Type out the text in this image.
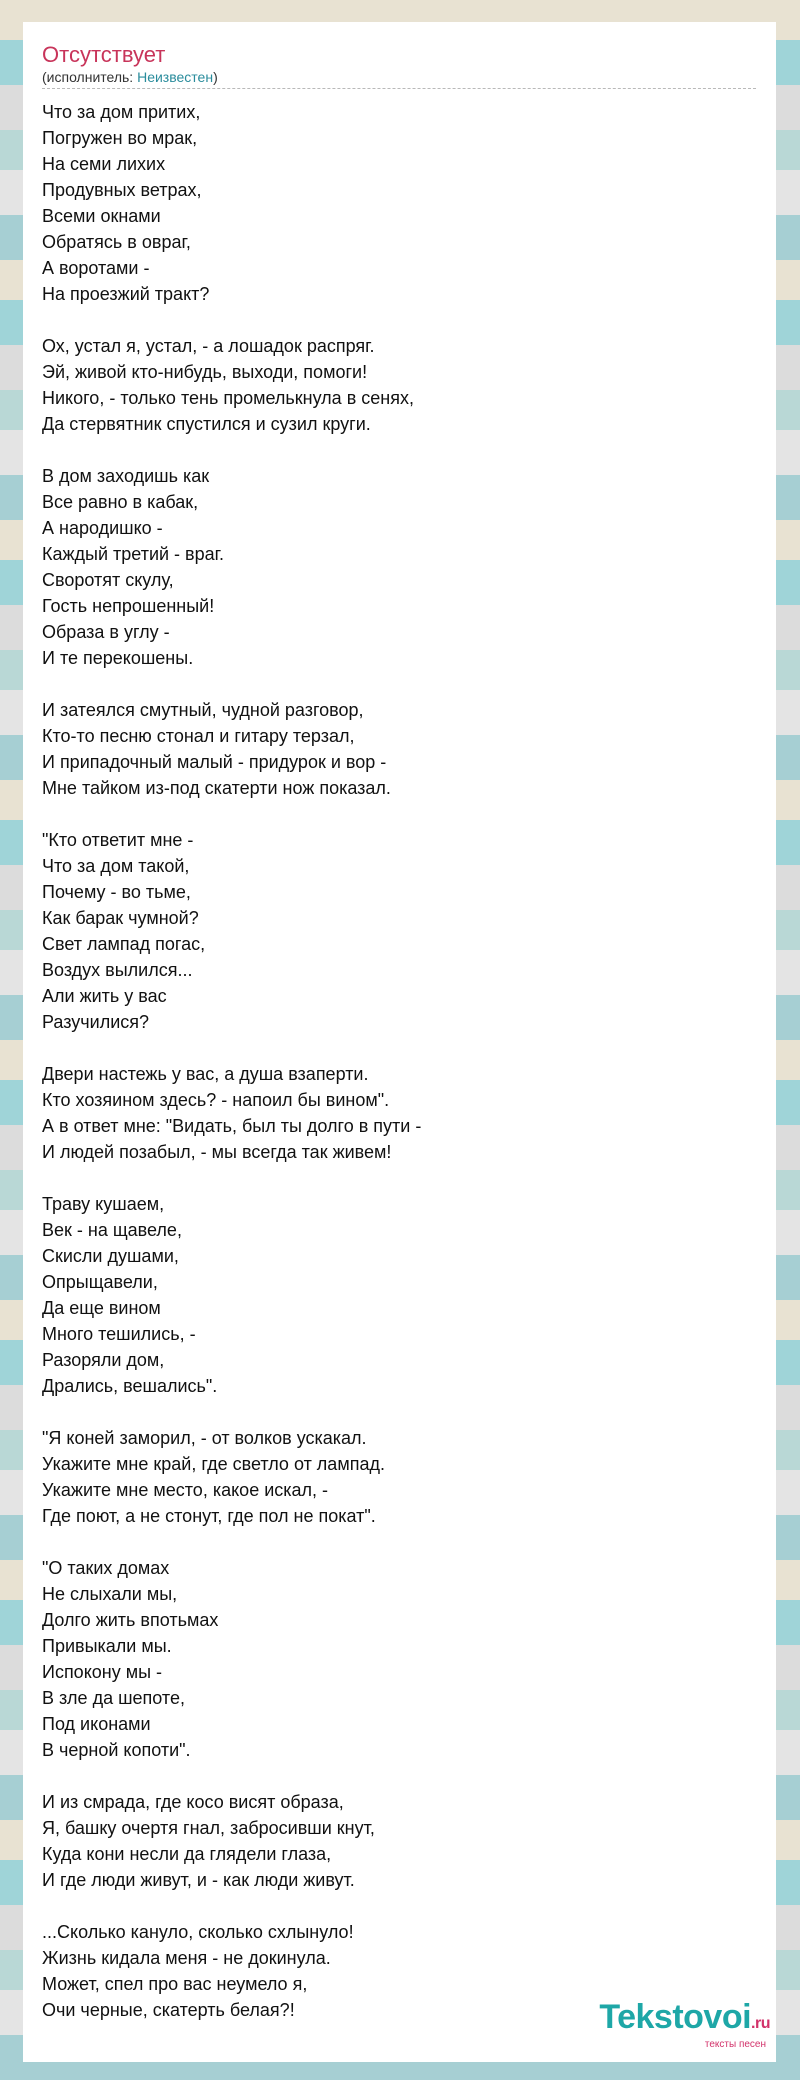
Отсутствует
(исполнитель: Неизвестен)
Что за дом притих,
Погружен во мрак,
На семи лихих
Продувных ветрах,
Всеми окнами
Обратясь в овраг,
А воротами -
На проезжий тракт?
Ох, устал я, устал, - а лошадок распряг.
Эй, живой кто-нибудь, выходи, помоги!
Никого, - только тень промелькнула в сенях,
Да стервятник спустился и сузил круги.
В дом заходишь как
Все равно в кабак,
А народишко -
Каждый третий - враг.
Своротят скулу,
Гость непрошенный!
Образа в углу -
И те перекошены.
И затеялся смутный, чудной разговор,
Кто-то песню стонал и гитару терзал,
И припадочный малый - придурок и вор -
Мне тайком из-под скатерти нож показал.
"Кто ответит мне -
Что за дом такой,
Почему - во тьме,
Как барак чумной?
Свет лампад погас,
Воздух вылился...
Али жить у вас
Разучилися?
Двери настежь у вас, а душа взаперти.
Кто хозяином здесь? - напоил бы вином".
А в ответ мне: "Видать, был ты долго в пути -
И людей позабыл, - мы всегда так живем!
Траву кушаем,
Век - на щавеле,
Скисли душами,
Опрыщавели,
Да еще вином
Много тешились, -
Разоряли дом,
Дрались, вешались".
"Я коней заморил, - от волков ускакал.
Укажите мне край, где светло от лампад.
Укажите мне место, какое искал, -
Где поют, а не стонут, где пол не покат".
"О таких домах
Не слыхали мы,
Долго жить впотьмах
Привыкали мы.
Испокону мы -
В зле да шепоте,
Под иконами
В черной копоти".
И из смрада, где косо висят образа,
Я, башку очертя гнал, забросивши кнут,
Куда кони несли да глядели глаза,
И где люди живут, и - как люди живут.
...Сколько кануло, сколько схлынуло!
Жизнь кидала меня - не докинула.
Может, спел про вас неумело я,
Очи черные, скатерть белая?!	Tekstovoi.ru
тексты песен
